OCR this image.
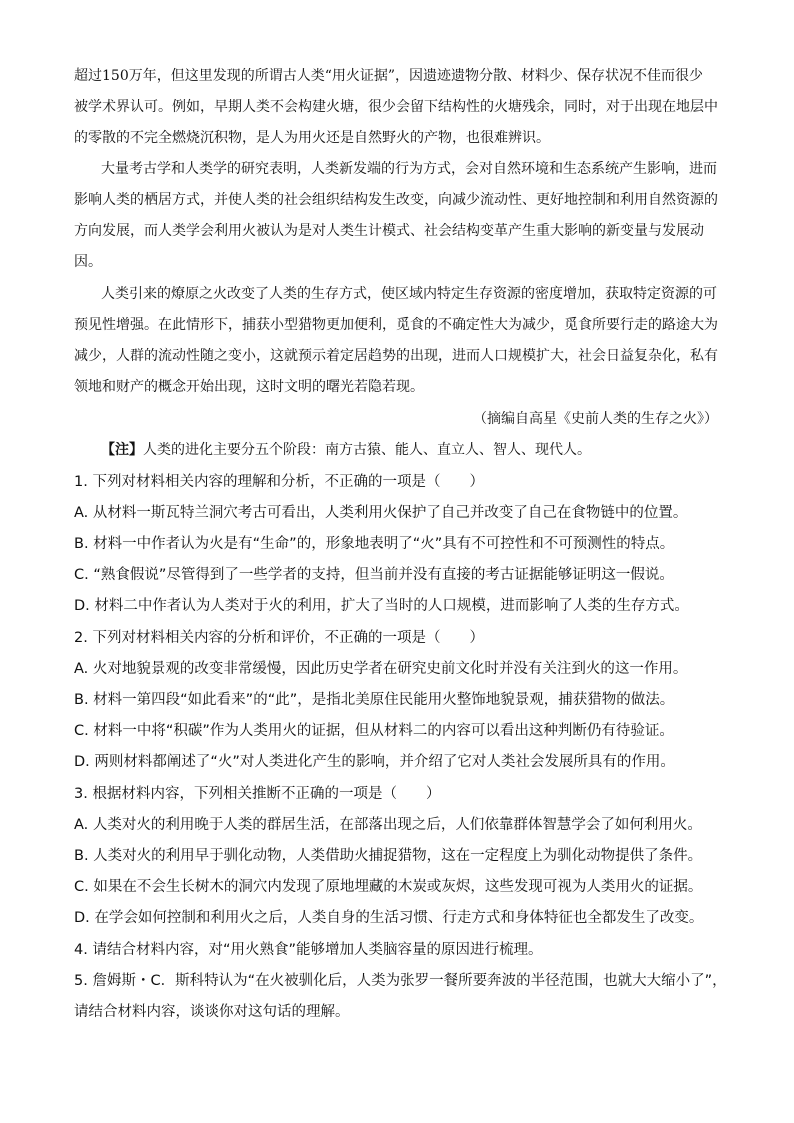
超过150万年，但这里发现的所谓古人类“用火证据”，因遗迹遗物分散、材料少、保存状况不佳而很少
被学术界认可。例如，早期人类不会构建火塘，很少会留下结构性的火塘残余，同时，对于出现在地层中
的零散的不完全燃烧沉积物，是人为用火还是自然野火的产物，也很难辨识。
大量考古学和人类学的研究表明，人类新发端的行为方式，会对自然环境和生态系统产生影响，进而
影响人类的栖居方式，并使人类的社会组织结构发生改变，向减少流动性、更好地控制和利用自然资源的
方向发展，而人类学会利用火被认为是对人类生计模式、社会结构变革产生重大影响的新变量与发展动
因。
人类引来的燎原之火改变了人类的生存方式，使区域内特定生存资源的密度增加，获取特定资源的可
预见性增强。在此情形下，捕获小型猎物更加便利，觅食的不确定性大为减少，觅食所要行走的路途大为
减少，人群的流动性随之变小，这就预示着定居趋势的出现，进而人口规模扩大，社会日益复杂化，私有
领地和财产的概念开始出现，这时文明的曙光若隐若现。
（摘编自高星《史前人类的生存之火》）
【注】人类的进化主要分五个阶段：南方古猿、能人、直立人、智人、现代人。
1. 下列对材料相关内容的理解和分析，不正确的一项是（　　）
A. 从材料一斯瓦特兰洞穴考古可看出，人类利用火保护了自己并改变了自己在食物链中的位置。
B. 材料一中作者认为火是有“生命”的，形象地表明了“火”具有不可控性和不可预测性的特点。
C. “熟食假说”尽管得到了一些学者的支持，但当前并没有直接的考古证据能够证明这一假说。
D. 材料二中作者认为人类对于火的利用，扩大了当时的人口规模，进而影响了人类的生存方式。
2. 下列对材料相关内容的分析和评价，不正确的一项是（　　）
A. 火对地貌景观的改变非常缓慢，因此历史学者在研究史前文化时并没有关注到火的这一作用。
B. 材料一第四段“如此看来”的“此”，是指北美原住民能用火整饰地貌景观，捕获猎物的做法。
C. 材料一中将“积碳”作为人类用火的证据，但从材料二的内容可以看出这种判断仍有待验证。
D. 两则材料都阐述了“火”对人类进化产生的影响，并介绍了它对人类社会发展所具有的作用。
3. 根据材料内容，下列相关推断不正确的一项是（　　）
A. 人类对火的利用晚于人类的群居生活，在部落出现之后，人们依靠群体智慧学会了如何利用火。
B. 人类对火的利用早于驯化动物，人类借助火捕捉猎物，这在一定程度上为驯化动物提供了条件。
C. 如果在不会生长树木的洞穴内发现了原地埋藏的木炭或灰烬，这些发现可视为人类用火的证据。
D. 在学会如何控制和利用火之后，人类自身的生活习惯、行走方式和身体特征也全都发生了改变。
4. 请结合材料内容，对“用火熟食”能够增加人类脑容量的原因进行梳理。
5. 詹姆斯・C．斯科特认为“在火被驯化后，人类为张罗一餐所要奔波的半径范围，也就大大缩小了”，
请结合材料内容，谈谈你对这句话的理解。
